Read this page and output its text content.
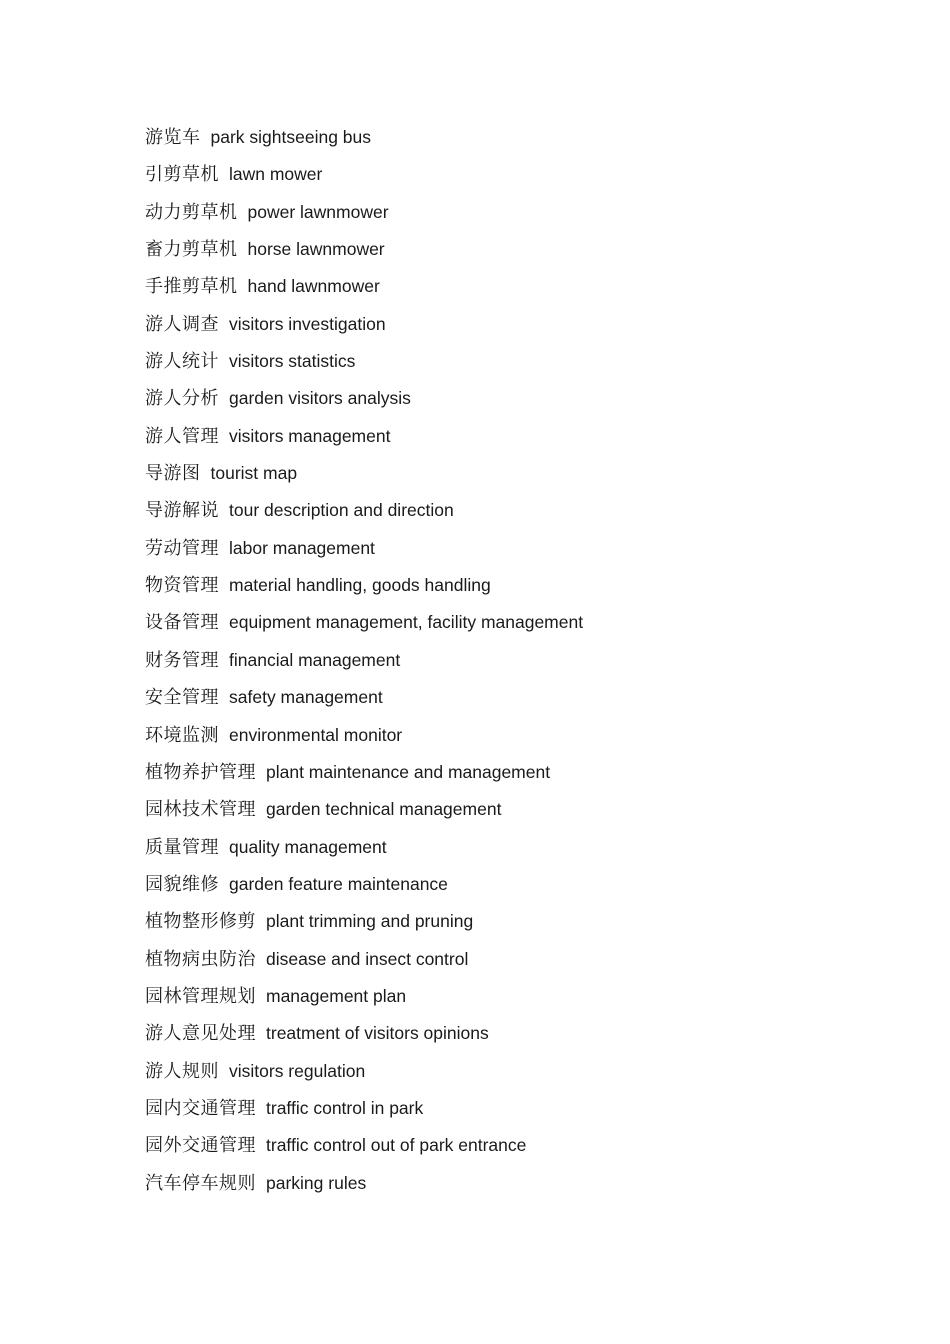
游览车 park sightseeing bus
引剪草机 lawn mower
动力剪草机 power lawnmower
畜力剪草机 horse lawnmower
手推剪草机 hand lawnmower
游人调查 visitors investigation
游人统计 visitors statistics
游人分析 garden visitors analysis
游人管理 visitors management
导游图 tourist map
导游解说 tour description and direction
劳动管理 labor management
物资管理 material handling, goods handling
设备管理 equipment management, facility management
财务管理 financial management
安全管理 safety management
环境监测 environmental monitor
植物养护管理 plant maintenance and management
园林技术管理 garden technical management
质量管理 quality management
园貌维修 garden feature maintenance
植物整形修剪 plant trimming and pruning
植物病虫防治 disease and insect control
园林管理规划 management plan
游人意见处理 treatment of visitors opinions
游人规则 visitors regulation
园内交通管理 traffic control in park
园外交通管理 traffic control out of park entrance
汽车停车规则 parking rules
